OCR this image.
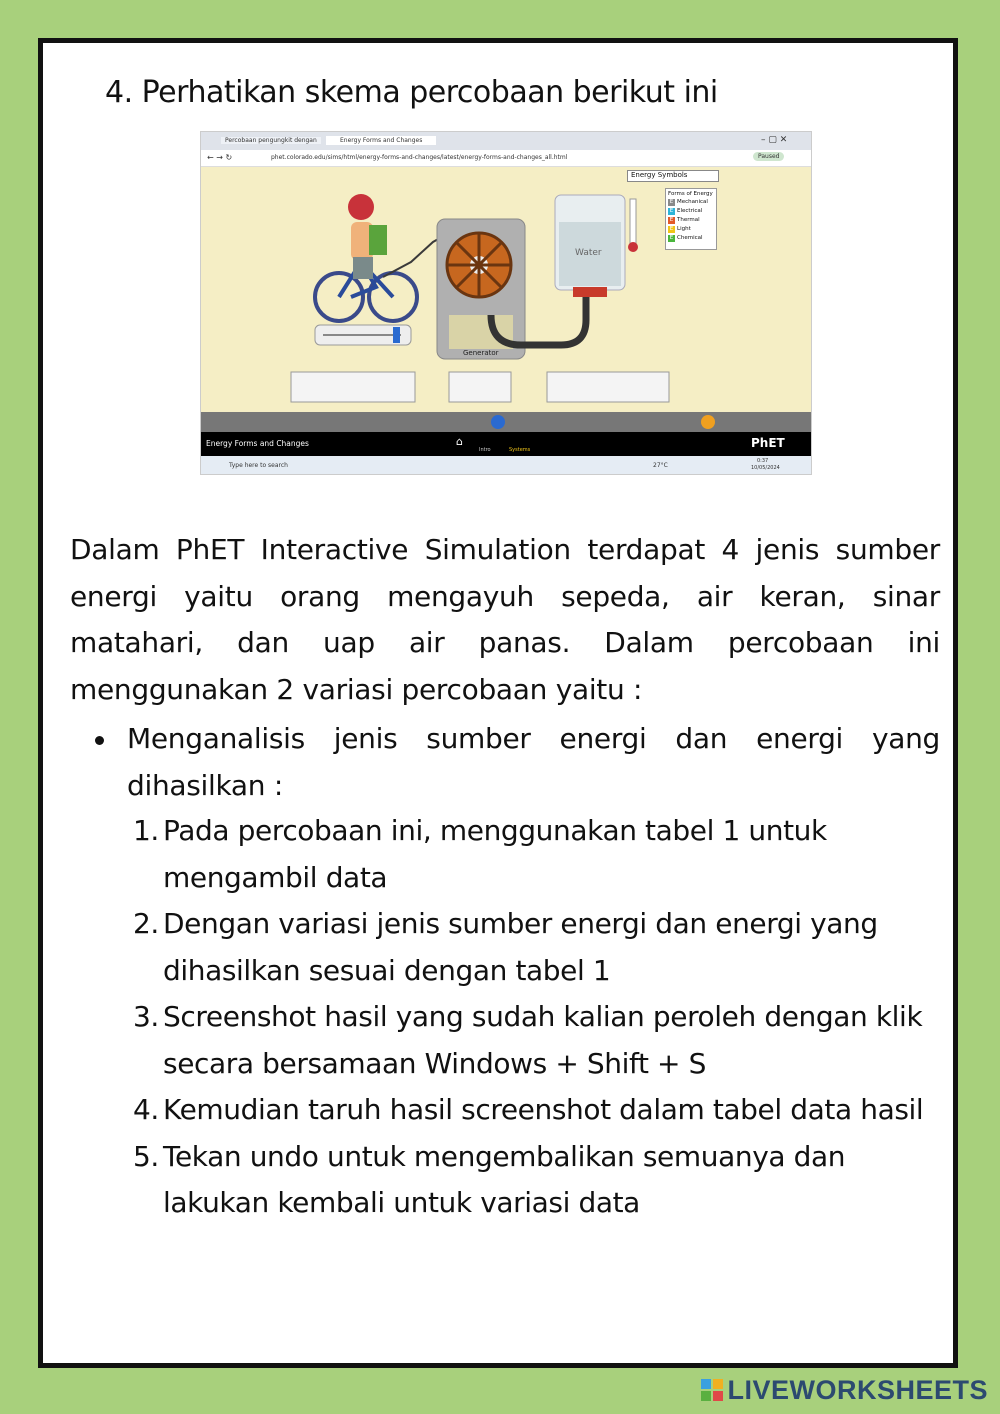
4. Perhatikan skema percobaan berikut ini
Percobaan pengungkit dengan	Energy Forms and Changes	– ▢ ✕
← → ↻	phet.colorado.edu/sims/html/energy-forms-and-changes/latest/energy-forms-and-changes_all.html	Paused
Generator
Water
Energy Symbols
Forms of Energy
E Mechanical
E Electrical
E Thermal
E Light
E Chemical
Energy Forms and Changes	⌂
Intro	Systems	PhET
Type here to search	27°C
0:37
10/05/2024
Dalam PhET Interactive Simulation terdapat 4 jenis sumber energi yaitu orang mengayuh sepeda, air keran, sinar matahari, dan uap air panas. Dalam percobaan ini menggunakan 2 variasi percobaan yaitu :
Menganalisis jenis sumber energi dan energi yang dihasilkan :
1. Pada percobaan ini, menggunakan tabel 1 untuk mengambil data
2. Dengan variasi jenis sumber energi dan energi yang dihasilkan sesuai dengan tabel 1
3. Screenshot hasil yang sudah kalian peroleh dengan klik secara bersamaan Windows + Shift + S
4. Kemudian taruh hasil screenshot dalam tabel data hasil
5. Tekan undo untuk mengembalikan semuanya dan lakukan kembali untuk variasi data
LIVEWORKSHEETS
